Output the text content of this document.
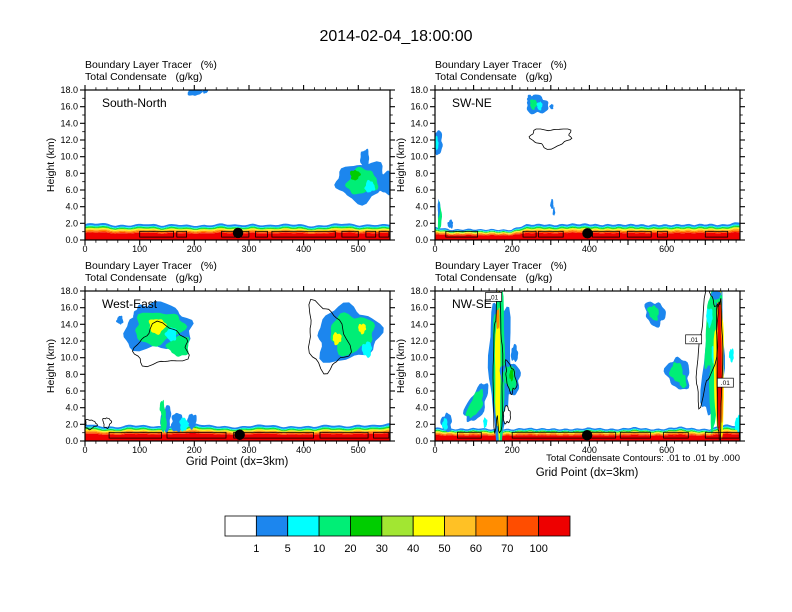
2014-02-04_18:00:00
Boundary Layer Tracer   (%)
Total Condensate   (g/kg)
Height (km)
0	100	200	300	400	500
0.0
2.0
4.0
6.0
8.0
10.0
12.0
14.0
16.0
18.0
South-North
Boundary Layer Tracer   (%)
Total Condensate   (g/kg)
Height (km)
0	200	400	600
0.0
2.0
4.0
6.0
8.0
10.0
12.0
14.0
16.0
18.0
SW-NE
Boundary Layer Tracer   (%)
Total Condensate   (g/kg)
Height (km)
0	100	200	300	400	500
0.0
2.0
4.0
6.0
8.0
10.0
12.0
14.0
16.0
18.0
West-East
Grid Point (dx=3km)
Boundary Layer Tracer   (%)
Total Condensate   (g/kg)
Height (km)
0	200	400	600
0.0
2.0
4.0
6.0
8.0
10.0
12.0
14.0
16.0
18.0
.01
.01
.01
NW-SE
Total Condensate Contours: .01 to .01 by .000
Grid Point (dx=3km)
1 5 10 20 30 40 50 60 70 100
